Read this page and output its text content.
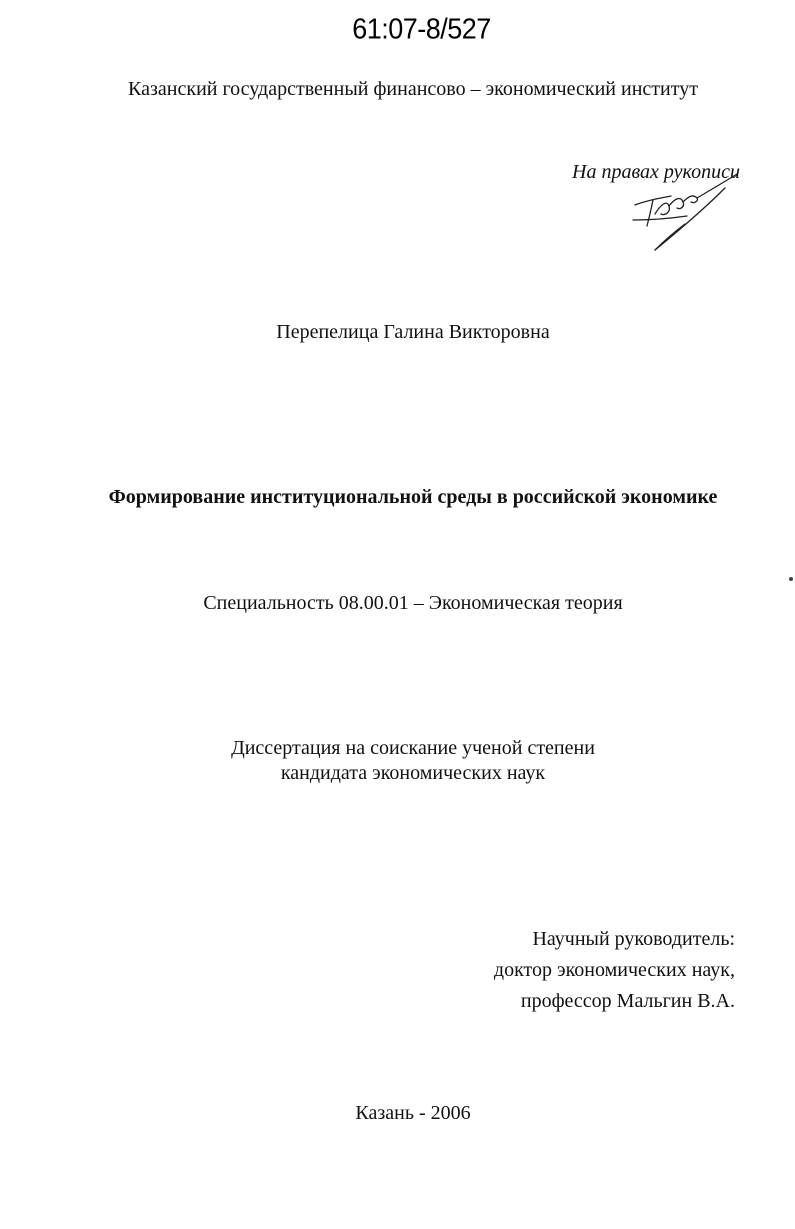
61:07-8/527
Казанский государственный финансово – экономический институт
На правах рукописи
Перепелица Галина Викторовна
Формирование институциональной среды в российской экономике
Специальность 08.00.01 – Экономическая теория
Диссертация на соискание ученой степени
кандидата экономических наук
Научный руководитель:
доктор экономических наук,
профессор Мальгин В.А.
Казань - 2006
